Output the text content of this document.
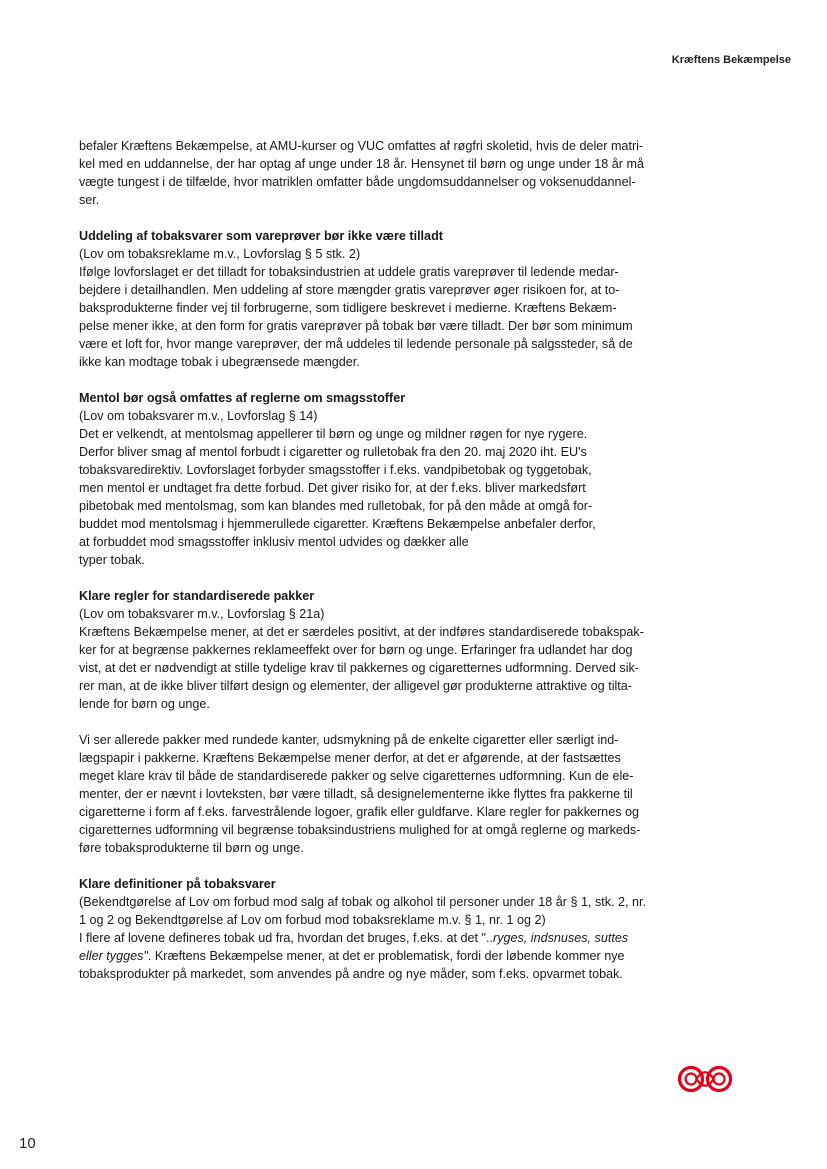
Kræftens Bekæmpelse
befaler Kræftens Bekæmpelse, at AMU-kurser og VUC omfattes af røgfri skoletid, hvis de deler matri-
kel med en uddannelse, der har optag af unge under 18 år. Hensynet til børn og unge under 18 år må
vægte tungest i de tilfælde, hvor matriklen omfatter både ungdomsuddannelser og voksenuddannel-
ser.
Uddeling af tobaksvarer som vareprøver bør ikke være tilladt
(Lov om tobaksreklame m.v., Lovforslag § 5 stk. 2)
Ifølge lovforslaget er det tilladt for tobaksindustrien at uddele gratis vareprøver til ledende medar-
bejdere i detailhandlen. Men uddeling af store mængder gratis vareprøver øger risikoen for, at to-
baksprodukterne finder vej til forbrugerne, som tidligere beskrevet i medierne. Kræftens Bekæm-
pelse mener ikke, at den form for gratis vareprøver på tobak bør være tilladt. Der bør som minimum
være et loft for, hvor mange vareprøver, der må uddeles til ledende personale på salgssteder, så de
ikke kan modtage tobak i ubegrænsede mængder.
Mentol bør også omfattes af reglerne om smagsstoffer
(Lov om tobaksvarer m.v., Lovforslag § 14)
Det er velkendt, at mentolsmag appellerer til børn og unge og mildner røgen for nye rygere.
Derfor bliver smag af mentol forbudt i cigaretter og rulletobak fra den 20. maj 2020 iht. EU's
tobaksvaredirektiv. Lovforslaget forbyder smagsstoffer i f.eks. vandpibetobak og tyggetobak,
men mentol er undtaget fra dette forbud. Det giver risiko for, at der f.eks. bliver markedsført
pibetobak med mentolsmag, som kan blandes med rulletobak, for på den måde at omgå for-
buddet mod mentolsmag i hjemmerullede cigaretter. Kræftens Bekæmpelse anbefaler derfor,
at forbuddet mod smagsstoffer inklusiv mentol udvides og dækker alle
typer tobak.
Klare regler for standardiserede pakker
(Lov om tobaksvarer m.v., Lovforslag § 21a)
Kræftens Bekæmpelse mener, at det er særdeles positivt, at der indføres standardiserede tobakspak-
ker for at begrænse pakkernes reklameeffekt over for børn og unge. Erfaringer fra udlandet har dog
vist, at det er nødvendigt at stille tydelige krav til pakkernes og cigaretternes udformning. Derved sik-
rer man, at de ikke bliver tilført design og elementer, der alligevel gør produkterne attraktive og tilta-
lende for børn og unge.
Vi ser allerede pakker med rundede kanter, udsmykning på de enkelte cigaretter eller særligt ind-
lægspapir i pakkerne. Kræftens Bekæmpelse mener derfor, at det er afgørende, at der fastsættes
meget klare krav til både de standardiserede pakker og selve cigaretternes udformning. Kun de ele-
menter, der er nævnt i lovteksten, bør være tilladt, så designelementerne ikke flyttes fra pakkerne til
cigaretterne i form af f.eks. farvestrålende logoer, grafik eller guldfarve. Klare regler for pakkernes og
cigaretternes udformning vil begrænse tobaksindustriens mulighed for at omgå reglerne og markeds-
føre tobaksprodukterne til børn og unge.
Klare definitioner på tobaksvarer
(Bekendtgørelse af Lov om forbud mod salg af tobak og alkohol til personer under 18 år § 1, stk. 2, nr.
1 og 2 og Bekendtgørelse af Lov om forbud mod tobaksreklame m.v. § 1, nr. 1 og 2)
I flere af lovene defineres tobak ud fra, hvordan det bruges, f.eks. at det "..ryges, indsnuses, suttes
eller tygges". Kræftens Bekæmpelse mener, at det er problematisk, fordi der løbende kommer nye
tobaksprodukter på markedet, som anvendes på andre og nye måder, som f.eks. opvarmet tobak.
10
